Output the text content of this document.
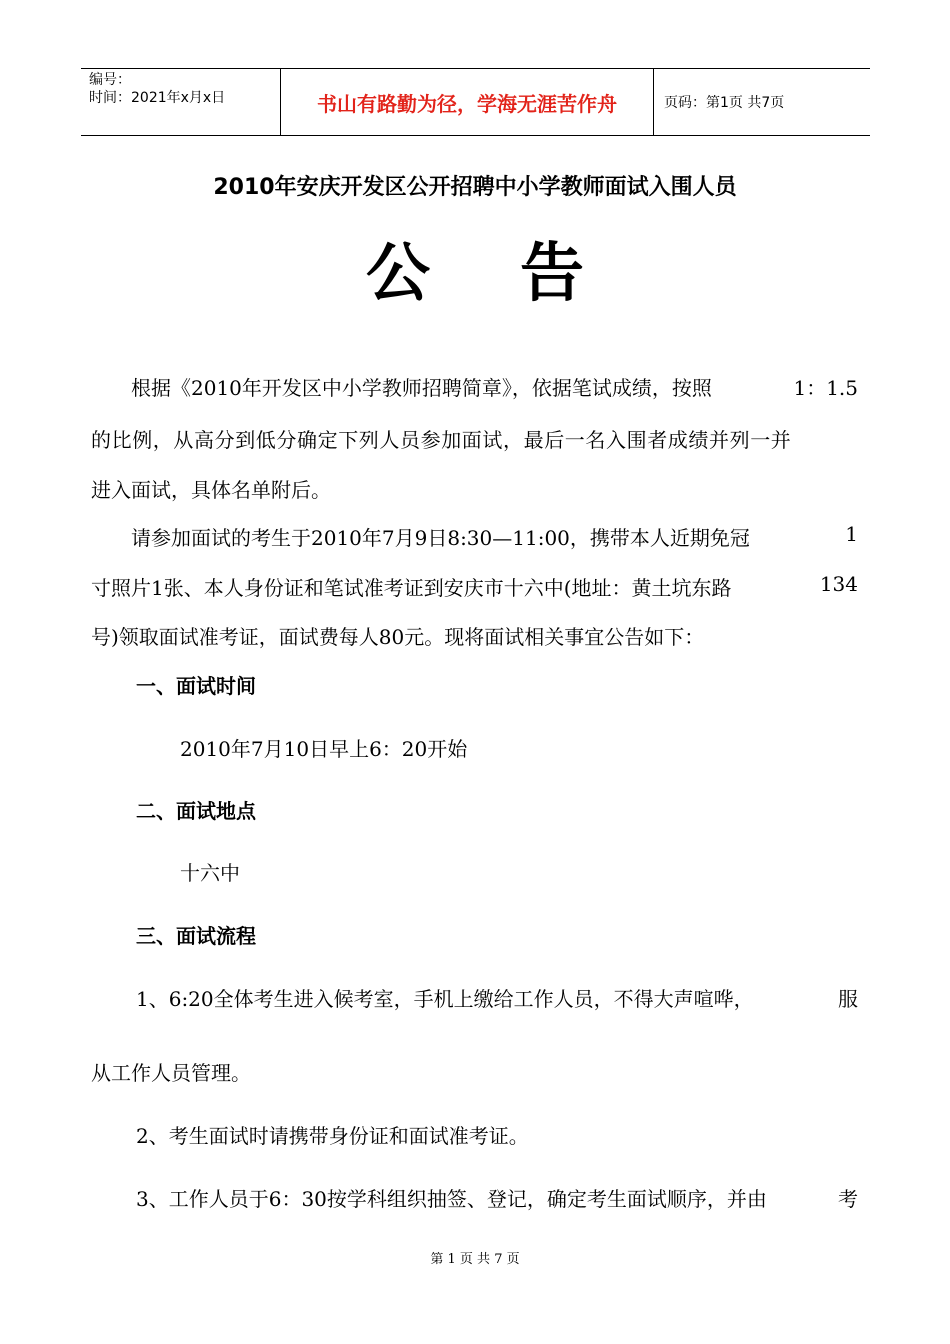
编号：
时间：2021年x月x日	书山有路勤为径，学海无涯苦作舟	页码：第1页 共7页
2010年安庆开发区公开招聘中小学教师面试入围人员
公告
根据《2010年开发区中小学教师招聘简章》，依据笔试成绩，按照	1：1.5
的比例，从高分到低分确定下列人员参加面试，最后一名入围者成绩并列一并
进入面试，具体名单附后。
请参加面试的考生于2010年7月9日8:30—11:00，携带本人近期免冠	1
寸照片1张、本人身份证和笔试准考证到安庆市十六中(地址：黄土坑东路	134
号)领取面试准考证，面试费每人80元。现将面试相关事宜公告如下：
一、面试时间
2010年7月10日早上6：20开始
二、面试地点
十六中
三、面试流程
1、6:20全体考生进入候考室，手机上缴给工作人员，不得大声喧哗，	服
从工作人员管理。
2、考生面试时请携带身份证和面试准考证。
3、工作人员于6：30按学科组织抽签、登记，确定考生面试顺序，并由	考
第 1 页 共 7 页
